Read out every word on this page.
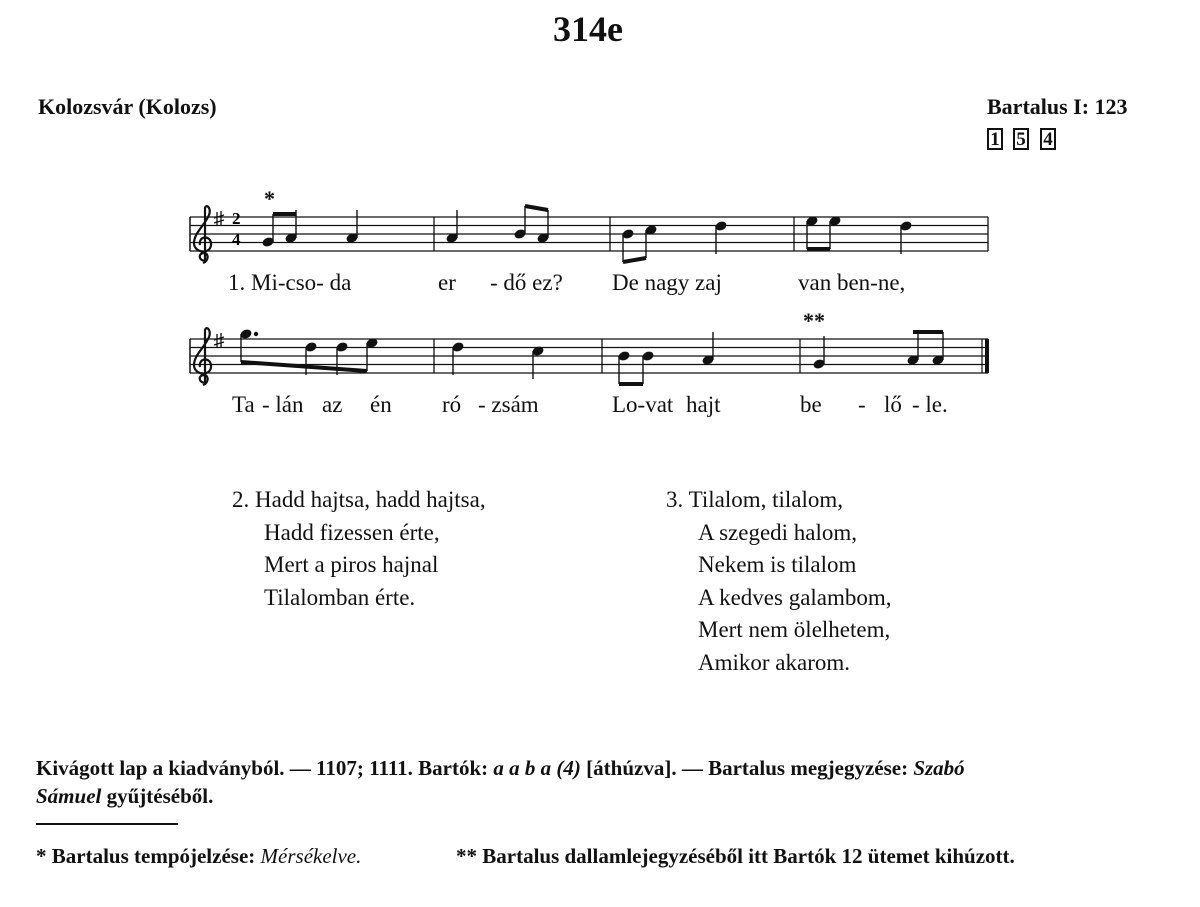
314e
Kolozsvár (Kolozs)	Bartalus I: 123
1 5 4
2
4
*
**
1. Mi-cso- da	er - dő ez? De nagy zaj	van ben-ne,
Ta - lán az én ró - zsám	Lo-vat hajt	be - lő - le.
2. Hadd hajtsa, hadd hajtsa,
Hadd fizessen érte,
Mert a piros hajnal
Tilalomban érte.
3. Tilalom, tilalom,
A szegedi halom,
Nekem is tilalom
A kedves galambom,
Mert nem ölelhetem,
Amikor akarom.
Kivágott lap a kiadványból. — 1107; 1111. Bartók: a a b a (4) [áthúzva]. — Bartalus megjegyzése: Szabó
Sámuel gyűjtéséből.
* Bartalus tempójelzése: Mérsékelve.	** Bartalus dallamlejegyzéséből itt Bartók 12 ütemet kihúzott.
